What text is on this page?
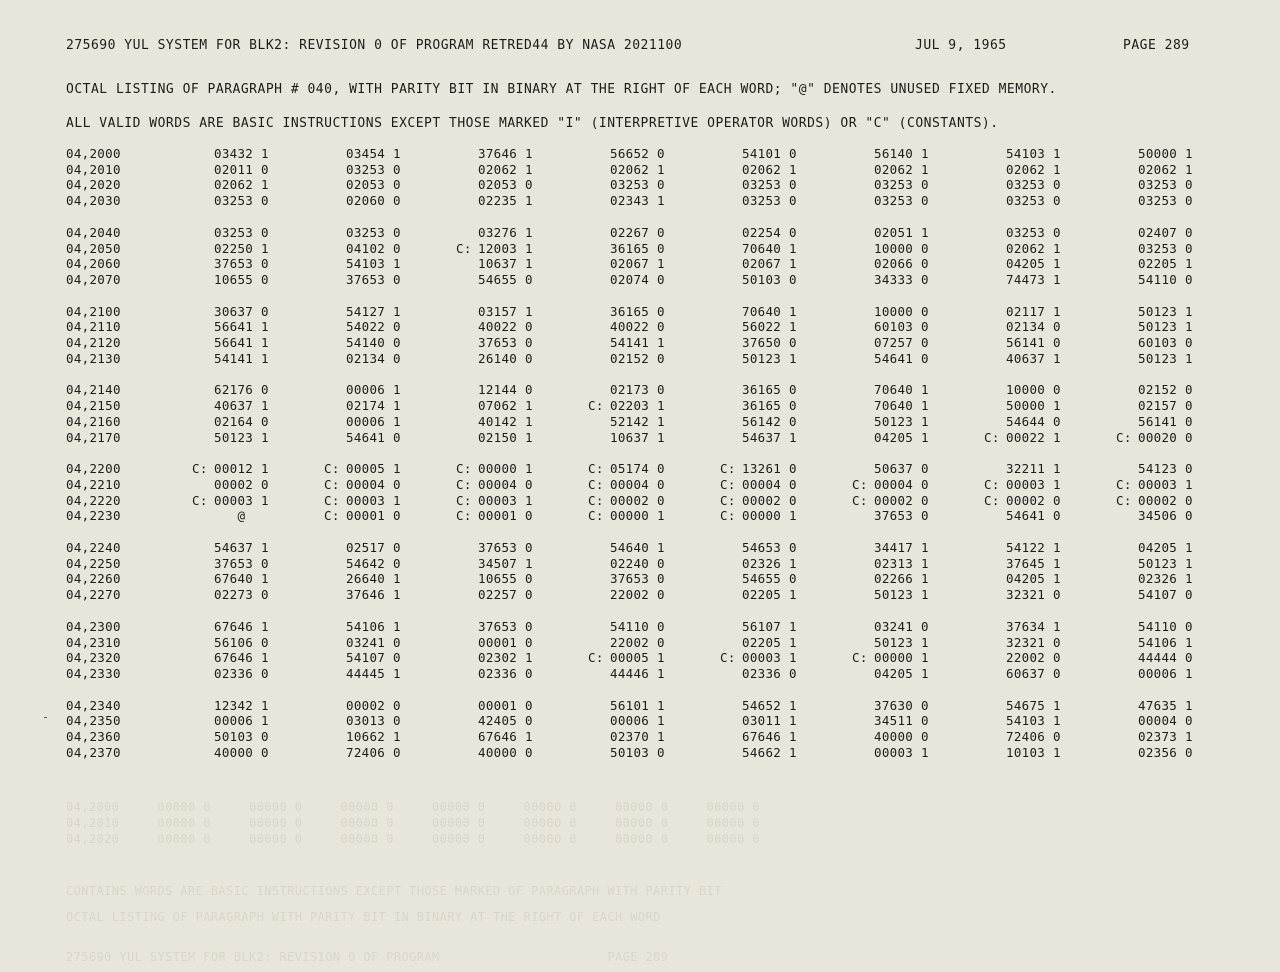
275690 YUL SYSTEM FOR BLK2: REVISION 0 OF PROGRAM RETRED44 BY NASA 2021100	JUL 9, 1965	PAGE 289
OCTAL LISTING OF PARAGRAPH # 040, WITH PARITY BIT IN BINARY AT THE RIGHT OF EACH WORD; "@" DENOTES UNUSED FIXED MEMORY.
ALL VALID WORDS ARE BASIC INSTRUCTIONS EXCEPT THOSE MARKED "I" (INTERPRETIVE OPERATOR WORDS) OR "C" (CONSTANTS).
04,2000	03432 1	03454 1	37646 1	56652 0	54101 0	56140 1	54103 1	50000 1
04,2010	02011 0	03253 0	02062 1	02062 1	02062 1	02062 1	02062 1	02062 1
04,2020	02062 1	02053 0	02053 0	03253 0	03253 0	03253 0	03253 0	03253 0
04,2030	03253 0	02060 0	02235 1	02343 1	03253 0	03253 0	03253 0	03253 0

04,2040	03253 0	03253 0	03276 1	02267 0	02254 0	02051 1	03253 0	02407 0
04,2050	02250 1	04102 0	C: 12003 1	36165 0	70640 1	10000 0	02062 1	03253 0
04,2060	37653 0	54103 1	10637 1	02067 1	02067 1	02066 0	04205 1	02205 1
04,2070	10655 0	37653 0	54655 0	02074 0	50103 0	34333 0	74473 1	54110 0

04,2100	30637 0	54127 1	03157 1	36165 0	70640 1	10000 0	02117 1	50123 1
04,2110	56641 1	54022 0	40022 0	40022 0	56022 1	60103 0	02134 0	50123 1
04,2120	56641 1	54140 0	37653 0	54141 1	37650 0	07257 0	56141 0	60103 0
04,2130	54141 1	02134 0	26140 0	02152 0	50123 1	54641 0	40637 1	50123 1

04,2140	62176 0	00006 1	12144 0	02173 0	36165 0	70640 1	10000 0	02152 0
04,2150	40637 1	02174 1	07062 1	C: 02203 1	36165 0	70640 1	50000 1	02157 0
04,2160	02164 0	00006 1	40142 1	52142 1	56142 0	50123 1	54644 0	56141 0
04,2170	50123 1	54641 0	02150 1	10637 1	54637 1	04205 1	C: 00022 1	C: 00020 0

04,2200	C: 00012 1	C: 00005 1	C: 00000 1	C: 05174 0	C: 13261 0	50637 0	32211 1	54123 0
04,2210	00002 0	C: 00004 0	C: 00004 0	C: 00004 0	C: 00004 0	C: 00004 0	C: 00003 1	C: 00003 1
04,2220	C: 00003 1	C: 00003 1	C: 00003 1	C: 00002 0	C: 00002 0	C: 00002 0	C: 00002 0	C: 00002 0
04,2230	@	C: 00001 0	C: 00001 0	C: 00000 1	C: 00000 1	37653 0	54641 0	34506 0

04,2240	54637 1	02517 0	37653 0	54640 1	54653 0	34417 1	54122 1	04205 1
04,2250	37653 0	54642 0	34507 1	02240 0	02326 1	02313 1	37645 1	50123 1
04,2260	67640 1	26640 1	10655 0	37653 0	54655 0	02266 1	04205 1	02326 1
04,2270	02273 0	37646 1	02257 0	22002 0	02205 1	50123 1	32321 0	54107 0

04,2300	67646 1	54106 1	37653 0	54110 0	56107 1	03241 0	37634 1	54110 0
04,2310	56106 0	03241 0	00001 0	22002 0	02205 1	50123 1	32321 0	54106 1
04,2320	67646 1	54107 0	02302 1	C: 00005 1	C: 00003 1	C: 00000 1	22002 0	44444 0
04,2330	02336 0	44445 1	02336 0	44446 1	02336 0	04205 1	60637 0	00006 1

04,2340	12342 1	00002 0	00001 0	56101 1	54652 1	37630 0	54675 1	47635 1
04,2350	00006 1	03013 0	42405 0	00006 1	03011 1	34511 0	54103 1	00004 0
04,2360	50103 0	10662 1	67646 1	02370 1	67646 1	40000 0	72406 0	02373 1
04,2370	40000 0	72406 0	40000 0	50103 0	54662 1	00003 1	10103 1	02356 0
04,2000     00000 0     00000 0     00000 0     00000 0     00000 0     00000 0     00000 0
04,2010     00000 0     00000 0     00000 0     00000 0     00000 0     00000 0     00000 0
04,2020     00000 0     00000 0     00000 0     00000 0     00000 0     00000 0     00000 0
CONTAINS WORDS ARE BASIC INSTRUCTIONS EXCEPT THOSE MARKED OF PARAGRAPH WITH PARITY BIT
OCTAL LISTING OF PARAGRAPH WITH PARITY BIT IN BINARY AT THE RIGHT OF EACH WORD
275690 YUL SYSTEM FOR BLK2: REVISION 0 OF PROGRAM                      PAGE 289
